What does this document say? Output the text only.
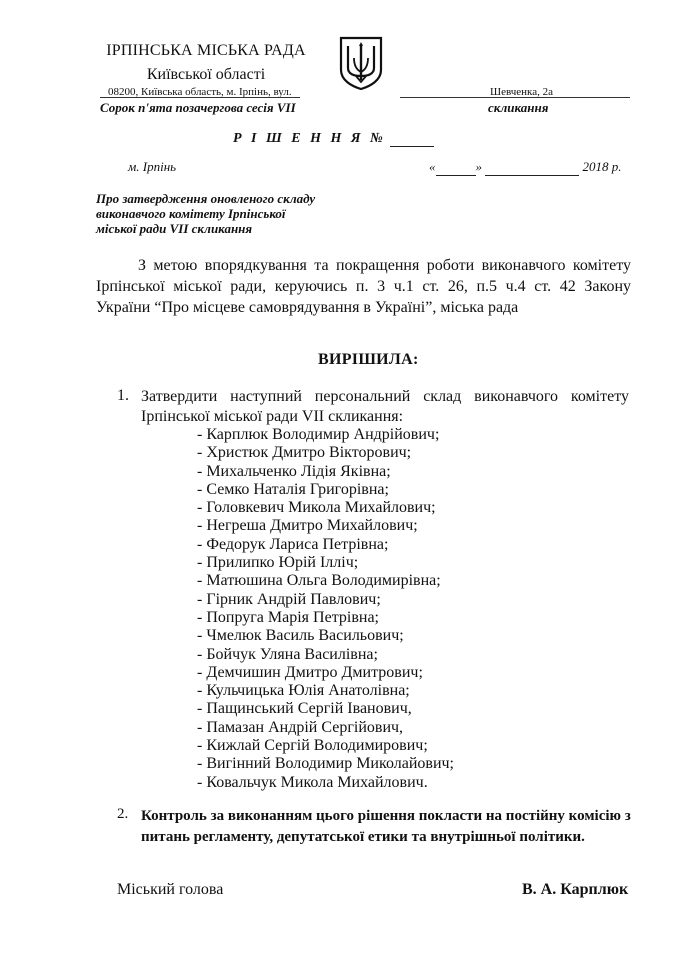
ІРПІНСЬКА МІСЬКА РАДА
Київської області
08200, Київська область, м. Ірпінь, вул.	Шевченка, 2а
Сорок п'ята позачергова сесія VII	скликання
Р І Ш Е Н Н Я №
м. Ірпінь	«	»	2018 р.
Про затвердження оновленого складу
виконавчого комітету Ірпінської
міської ради VII скликання
З метою впорядкування та покращення роботи виконавчого комітету
Ірпінської міської ради, керуючись п. 3 ч.1 ст. 26, п.5 ч.4 ст. 42 Закону
України “Про місцеве самоврядування в Україні”, міська рада
ВИРІШИЛА:
1. Затвердити наступний персональний склад виконавчого комітету
Ірпінської міської ради VII скликання:
- Карплюк Володимир Андрійович;
- Христюк Дмитро Вікторович;
- Михальченко Лідія Яківна;
- Семко Наталія Григорівна;
- Головкевич Микола Михайлович;
- Негреша Дмитро Михайлович;
- Федорук Лариса Петрівна;
- Прилипко Юрій Ілліч;
- Матюшина Ольга Володимирівна;
- Гірник Андрій Павлович;
- Попруга Марія Петрівна;
- Чмелюк Василь Васильович;
- Бойчук Уляна Василівна;
- Демчишин Дмитро Дмитрович;
- Кульчицька Юлія Анатолівна;
- Пащинський Сергій Іванович,
- Памазан Андрій Сергійович,
- Кижлай Сергій Володимирович;
- Вигінний Володимир Миколайович;
- Ковальчук Микола Михайлович.
2. Контроль за виконанням цього рішення покласти на постійну комісію з
питань регламенту, депутатської етики та внутрішньої політики.
Міський голова	В. А. Карплюк
